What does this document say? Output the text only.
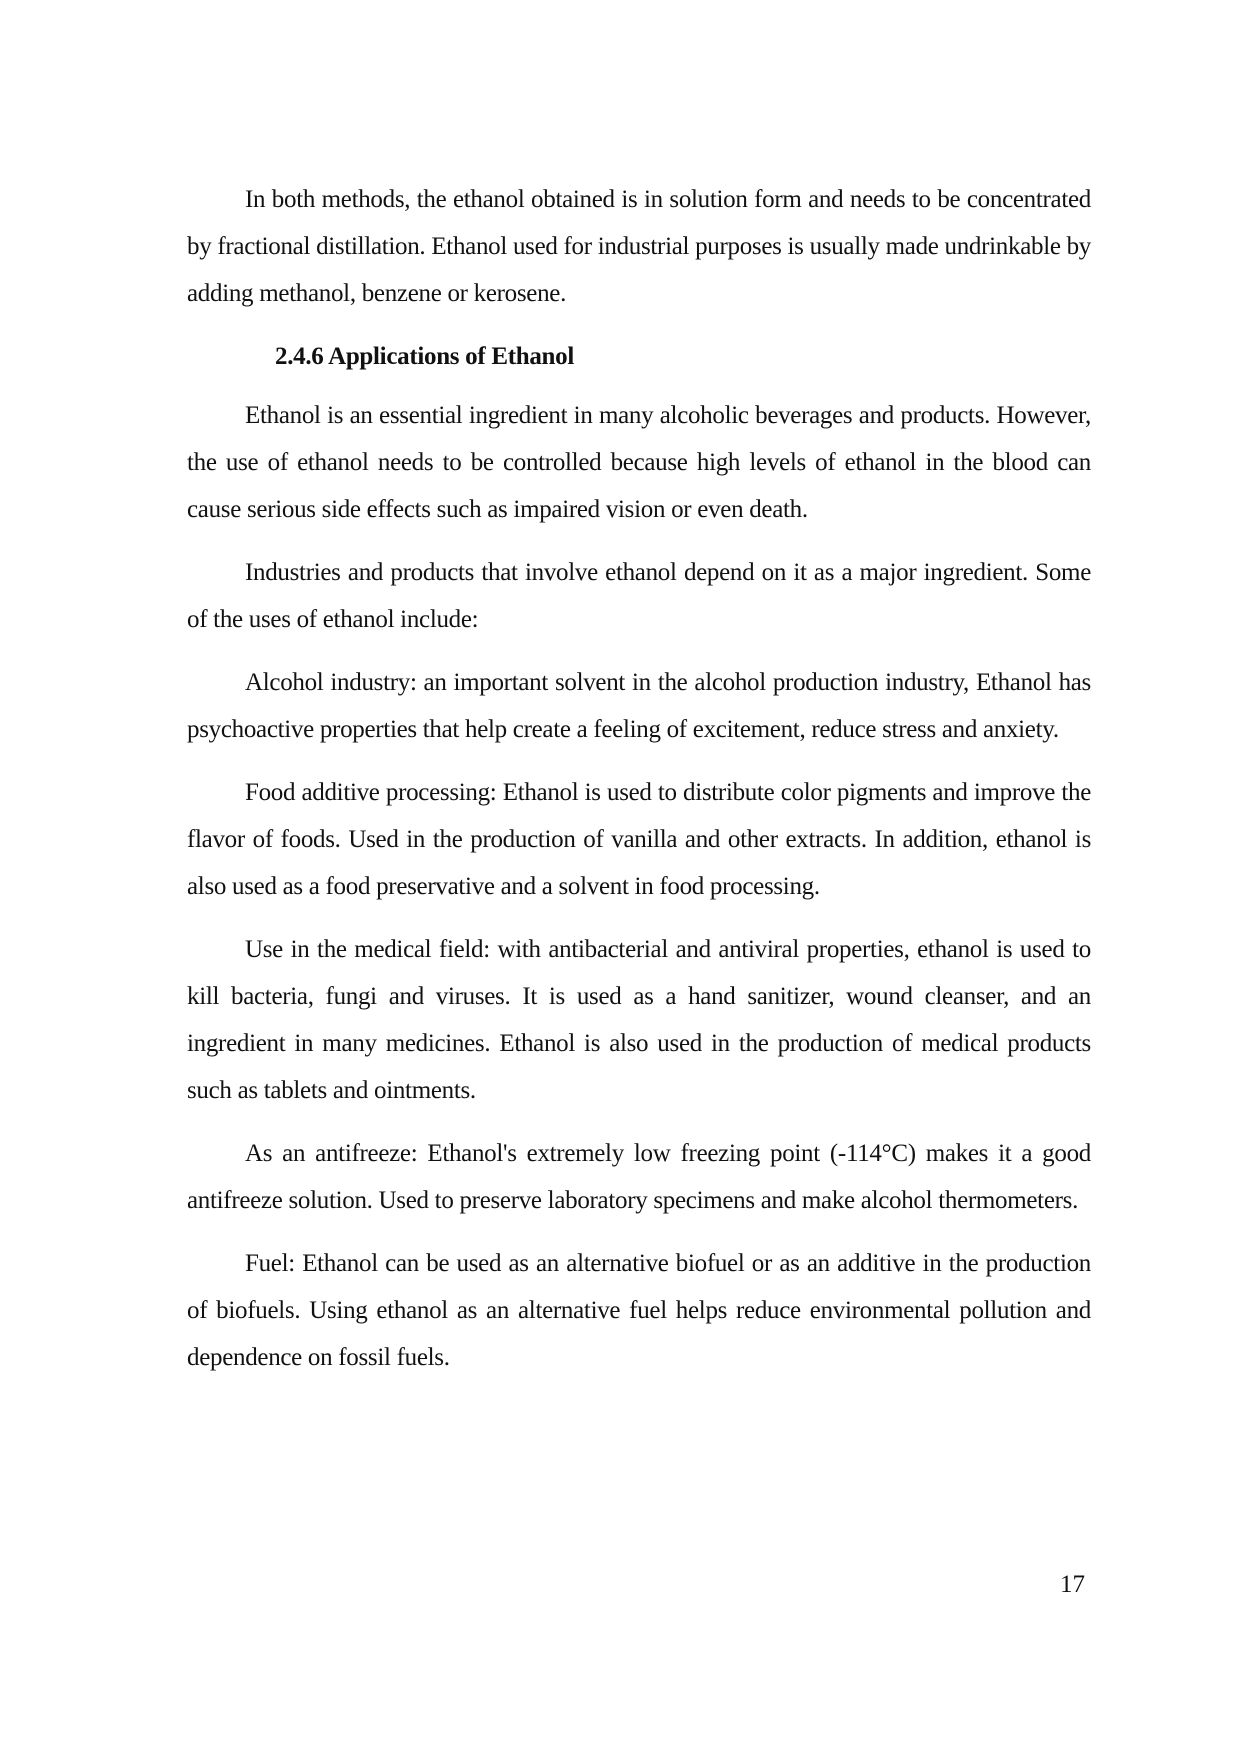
In both methods, the ethanol obtained is in solution form and needs to be concentrated by fractional distillation. Ethanol used for industrial purposes is usually made undrinkable by adding methanol, benzene or kerosene.

2.4.6 Applications of Ethanol

Ethanol is an essential ingredient in many alcoholic beverages and products. However, the use of ethanol needs to be controlled because high levels of ethanol in the blood can cause serious side effects such as impaired vision or even death.

Industries and products that involve ethanol depend on it as a major ingredient. Some of the uses of ethanol include:

Alcohol industry: an important solvent in the alcohol production industry, Ethanol has psychoactive properties that help create a feeling of excitement, reduce stress and anxiety.

Food additive processing: Ethanol is used to distribute color pigments and improve the flavor of foods. Used in the production of vanilla and other extracts. In addition, ethanol is also used as a food preservative and a solvent in food processing.

Use in the medical field: with antibacterial and antiviral properties, ethanol is used to kill bacteria, fungi and viruses. It is used as a hand sanitizer, wound cleanser, and an ingredient in many medicines. Ethanol is also used in the production of medical products such as tablets and ointments.

As an antifreeze: Ethanol's extremely low freezing point (-114°C) makes it a good antifreeze solution. Used to preserve laboratory specimens and make alcohol thermometers.

Fuel: Ethanol can be used as an alternative biofuel or as an additive in the production of biofuels. Using ethanol as an alternative fuel helps reduce environmental pollution and dependence on fossil fuels.

17
